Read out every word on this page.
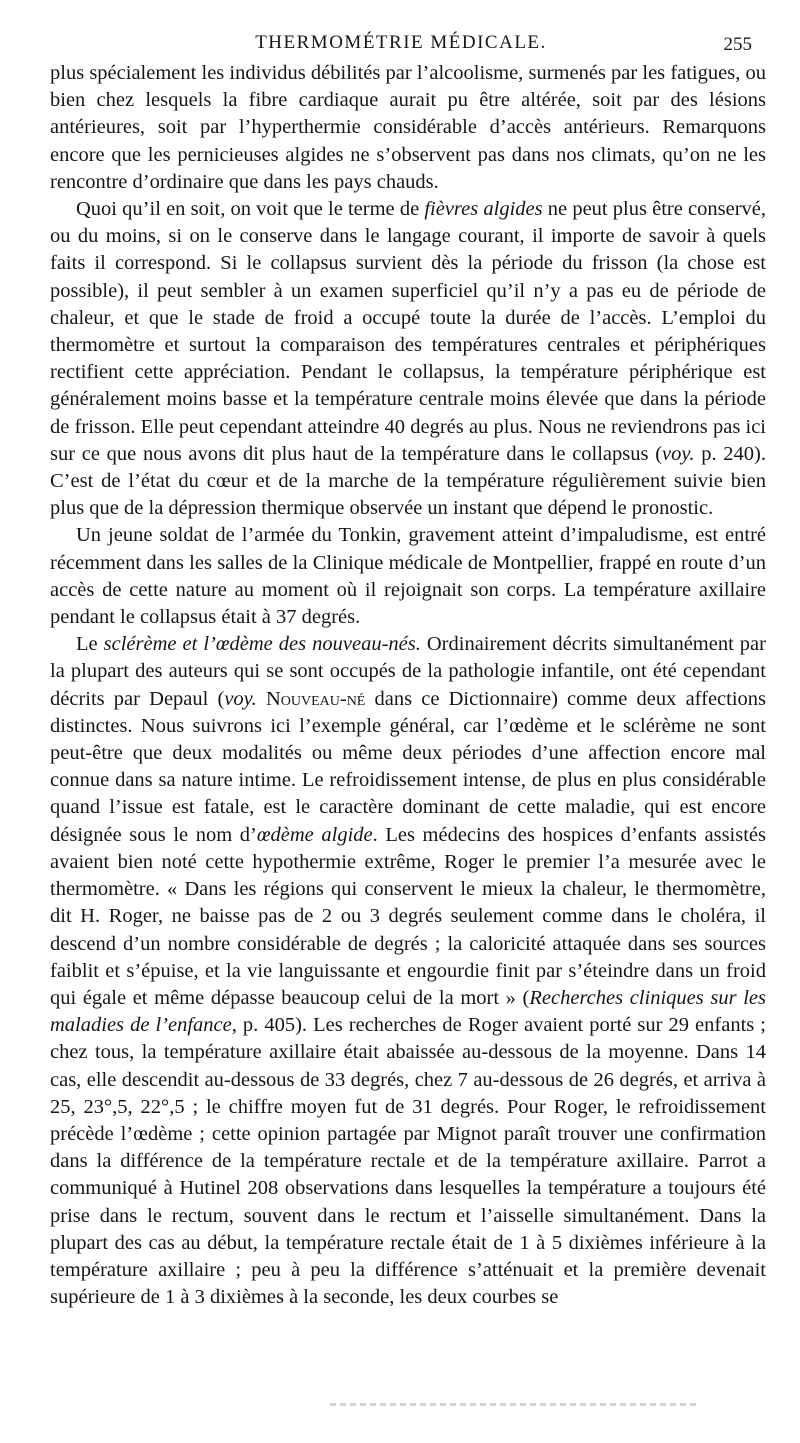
THERMOMÉTRIE MÉDICALE.	255

plus spécialement les individus débilités par l’alcoolisme, surmenés par les fatigues, ou bien chez lesquels la fibre cardiaque aurait pu être altérée, soit par des lésions antérieures, soit par l’hyperthermie considérable d’accès antérieurs. Remarquons encore que les pernicieuses algides ne s’observent pas dans nos climats, qu’on ne les rencontre d’ordinaire que dans les pays chauds.

Quoi qu’il en soit, on voit que le terme de fièvres algides ne peut plus être conservé, ou du moins, si on le conserve dans le langage courant, il importe de savoir à quels faits il correspond. Si le collapsus survient dès la période du frisson (la chose est possible), il peut sembler à un examen superficiel qu’il n’y a pas eu de période de chaleur, et que le stade de froid a occupé toute la durée de l’accès. L’emploi du thermomètre et surtout la comparaison des températures centrales et périphériques rectifient cette appréciation. Pendant le collapsus, la température périphérique est généralement moins basse et la température centrale moins élevée que dans la période de frisson. Elle peut cependant atteindre 40 degrés au plus. Nous ne reviendrons pas ici sur ce que nous avons dit plus haut de la température dans le collapsus (voy. p. 240). C’est de l’état du cœur et de la marche de la température régulièrement suivie bien plus que de la dépression thermique observée un instant que dépend le pronostic.

Un jeune soldat de l’armée du Tonkin, gravement atteint d’impaludisme, est entré récemment dans les salles de la Clinique médicale de Montpellier, frappé en route d’un accès de cette nature au moment où il rejoignait son corps. La température axillaire pendant le collapsus était à 37 degrés.

Le sclérème et l’œdème des nouveau-nés. Ordinairement décrits simultanément par la plupart des auteurs qui se sont occupés de la pathologie infantile, ont été cependant décrits par Depaul (voy. Nouveau-né dans ce Dictionnaire) comme deux affections distinctes. Nous suivrons ici l’exemple général, car l’œdème et le sclérème ne sont peut-être que deux modalités ou même deux périodes d’une affection encore mal connue dans sa nature intime. Le refroidissement intense, de plus en plus considérable quand l’issue est fatale, est le caractère dominant de cette maladie, qui est encore désignée sous le nom d’œdème algide. Les médecins des hospices d’enfants assistés avaient bien noté cette hypothermie extrême, Roger le premier l’a mesurée avec le thermomètre. « Dans les régions qui conservent le mieux la chaleur, le thermomètre, dit H. Roger, ne baisse pas de 2 ou 3 degrés seulement comme dans le choléra, il descend d’un nombre considérable de degrés ; la caloricité attaquée dans ses sources faiblit et s’épuise, et la vie languissante et engourdie finit par s’éteindre dans un froid qui égale et même dépasse beaucoup celui de la mort » (Recherches cliniques sur les maladies de l’enfance, p. 405). Les recherches de Roger avaient porté sur 29 enfants ; chez tous, la température axillaire était abaissée au-dessous de la moyenne. Dans 14 cas, elle descendit au-dessous de 33 degrés, chez 7 au-dessous de 26 degrés, et arriva à 25, 23°,5, 22°,5 ; le chiffre moyen fut de 31 degrés. Pour Roger, le refroidissement précède l’œdème ; cette opinion partagée par Mignot paraît trouver une confirmation dans la différence de la température rectale et de la température axillaire. Parrot a communiqué à Hutinel 208 observations dans lesquelles la température a toujours été prise dans le rectum, souvent dans le rectum et l’aisselle simultanément. Dans la plupart des cas au début, la température rectale était de 1 à 5 dixièmes inférieure à la température axillaire ; peu à peu la différence s’atténuait et la première devenait supérieure de 1 à 3 dixièmes à la seconde, les deux courbes se
